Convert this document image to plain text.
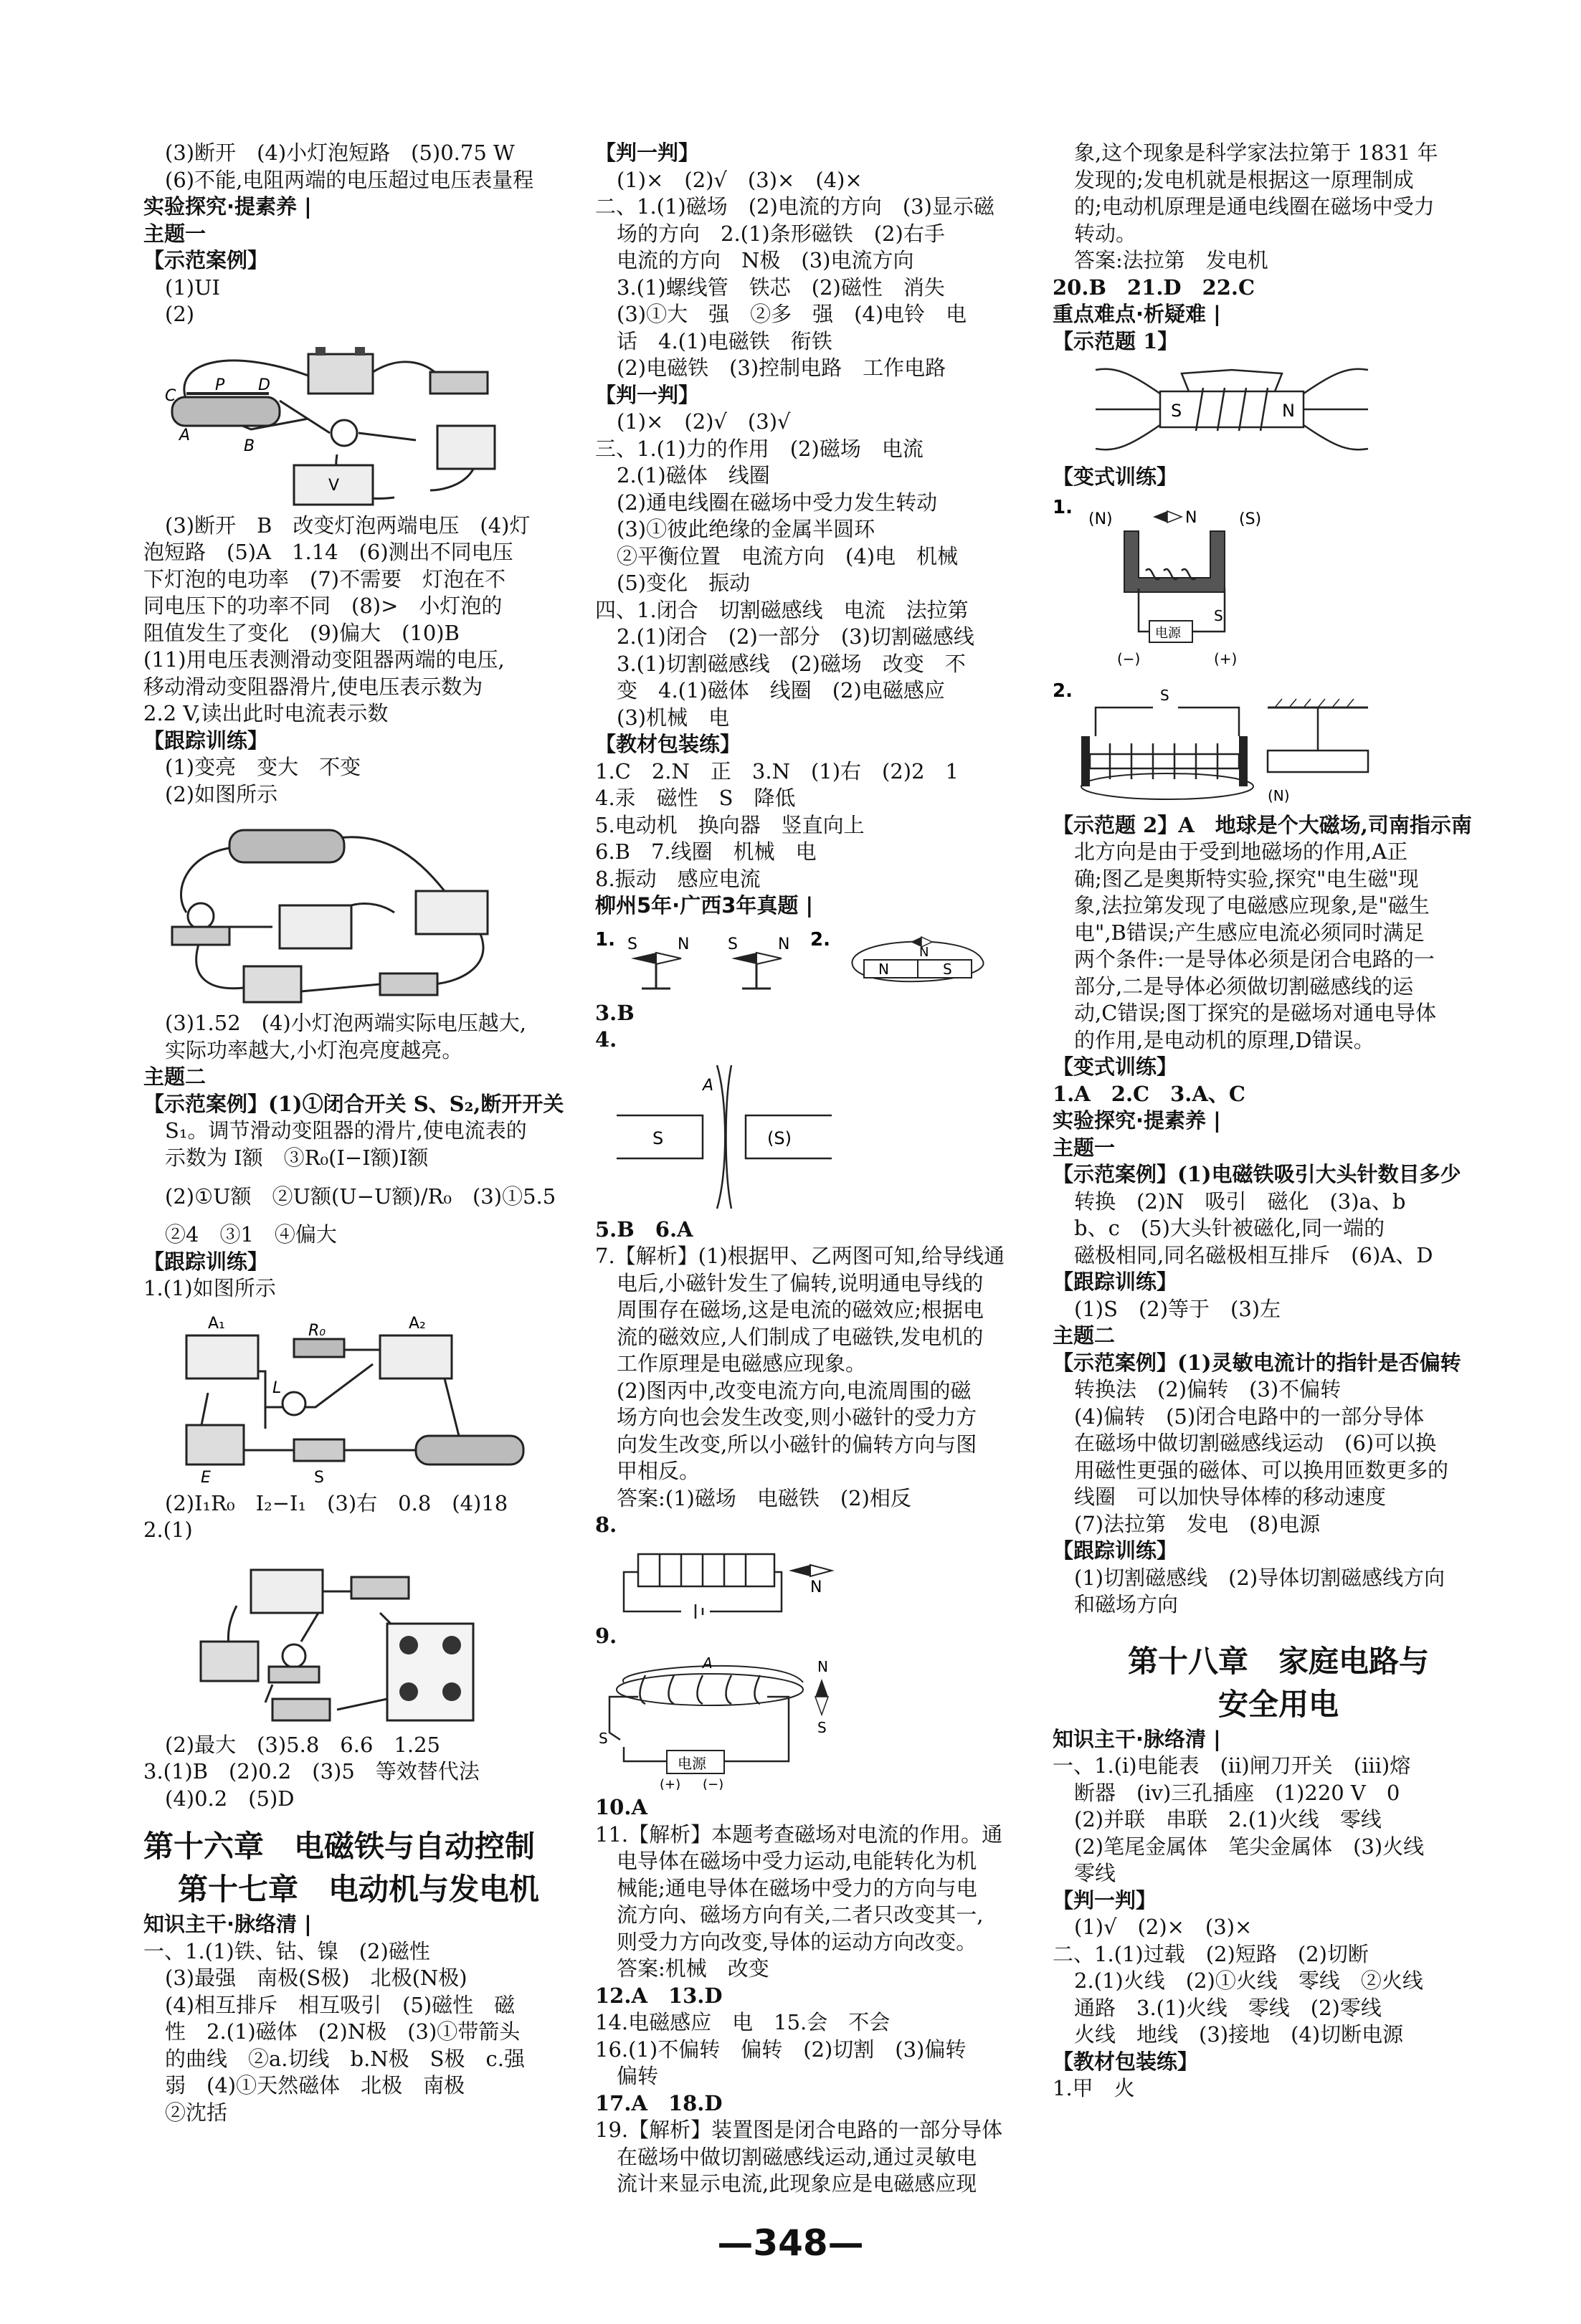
(3)断开　(4)小灯泡短路　(5)0.75 W
(6)不能,电阻两端的电压超过电压表量程
实验探究·提素养 |
主题一
【示范案例】
(1)UI
(2)
C
P D
A
B
V
(3)断开　B　改变灯泡两端电压　(4)灯
泡短路　(5)A　1.14　(6)测出不同电压
下灯泡的电功率　(7)不需要　灯泡在不
同电压下的功率不同　(8)>　小灯泡的
阻值发生了变化　(9)偏大　(10)B
(11)用电压表测滑动变阻器两端的电压,
移动滑动变阻器滑片,使电压表示数为
2.2 V,读出此时电流表示数
【跟踪训练】
(1)变亮　变大　不变
(2)如图所示
(3)1.52　(4)小灯泡两端实际电压越大,
实际功率越大,小灯泡亮度越亮。
主题二
【示范案例】(1)①闭合开关 S、S₂,断开开关
S₁。调节滑动变阻器的滑片,使电流表的
示数为 I额　③R₀(I−I额)I额
(2)①U额　②U额(U−U额)/R₀　(3)①5.5
②4　③1　④偏大
【跟踪训练】
1.(1)如图所示
A₁	A₂
R₀
L
E	S
(2)I₁R₀　I₂−I₁　(3)右　0.8　(4)18
2.(1)
(2)最大　(3)5.8　6.6　1.25
3.(1)B　(2)0.2　(3)5　等效替代法
(4)0.2　(5)D
第十六章　电磁铁与自动控制
第十七章　电动机与发电机
知识主干·脉络清 |
一、1.(1)铁、钴、镍　(2)磁性
(3)最强　南极(S极)　北极(N极)
(4)相互排斥　相互吸引　(5)磁性　磁
性　2.(1)磁体　(2)N极　(3)①带箭头
的曲线　②a.切线　b.N极　S极　c.强
弱　(4)①天然磁体　北极　南极
②沈括
【判一判】
(1)×　(2)√　(3)×　(4)×
二、1.(1)磁场　(2)电流的方向　(3)显示磁
场的方向　2.(1)条形磁铁　(2)右手
电流的方向　N极　(3)电流方向
3.(1)螺线管　铁芯　(2)磁性　消失
(3)①大　强　②多　强　(4)电铃　电
话　4.(1)电磁铁　衔铁
(2)电磁铁　(3)控制电路　工作电路
【判一判】
(1)×　(2)√　(3)√
三、1.(1)力的作用　(2)磁场　电流
2.(1)磁体　线圈
(2)通电线圈在磁场中受力发生转动
(3)①彼此绝缘的金属半圆环
②平衡位置　电流方向　(4)电　机械
(5)变化　振动
四、1.闭合　切割磁感线　电流　法拉第
2.(1)闭合　(2)一部分　(3)切割磁感线
3.(1)切割磁感线　(2)磁场　改变　不
变　4.(1)磁体　线圈　(2)电磁感应
(3)机械　电
【教材包装练】
1.C　2.N　正　3.N　(1)右　(2)2　1
4.汞　磁性　S　降低
5.电动机　换向器　竖直向上
6.B　7.线圈　机械　电
8.振动　感应电流
柳州5年·广西3年真题 |
1. S	N S	N 2.
N	S
N
3.B
4.
S	(S)
A
5.B　6.A
7.【解析】(1)根据甲、乙两图可知,给导线通
电后,小磁针发生了偏转,说明通电导线的
周围存在磁场,这是电流的磁效应;根据电
流的磁效应,人们制成了电磁铁,发电机的
工作原理是电磁感应现象。
(2)图丙中,改变电流方向,电流周围的磁
场方向也会发生改变,则小磁针的受力方
向发生改变,所以小磁针的偏转方向与图
甲相反。
答案:(1)磁场　电磁铁　(2)相反
8.
N
9.
电源
(+) (−)
A
S
N
S
10.A
11.【解析】本题考查磁场对电流的作用。通
电导体在磁场中受力运动,电能转化为机
械能;通电导体在磁场中受力的方向与电
流方向、磁场方向有关,二者只改变其一,
则受力方向改变,导体的运动方向改变。
答案:机械　改变
12.A　13.D
14.电磁感应　电　15.会　不会
16.(1)不偏转　偏转　(2)切割　(3)偏转
偏转
17.A　18.D
19.【解析】装置图是闭合电路的一部分导体
在磁场中做切割磁感线运动,通过灵敏电
流计来显示电流,此现象应是电磁感应现
象,这个现象是科学家法拉第于 1831 年
发现的;发电机就是根据这一原理制成
的;电动机原理是通电线圈在磁场中受力
转动。
答案:法拉第　发电机
20.B　21.D　22.C
重点难点·析疑难 |
【示范题 1】
S	N
【变式训练】
1.
(N)	N	(S)
电源
S
(−)	(+)
2.	S
(N)
【示范题 2】A　地球是个大磁场,司南指示南
北方向是由于受到地磁场的作用,A正
确;图乙是奥斯特实验,探究"电生磁"现
象,法拉第发现了电磁感应现象,是"磁生
电",B错误;产生感应电流必须同时满足
两个条件:一是导体必须是闭合电路的一
部分,二是导体必须做切割磁感线的运
动,C错误;图丁探究的是磁场对通电导体
的作用,是电动机的原理,D错误。
【变式训练】
1.A　2.C　3.A、C
实验探究·提素养 |
主题一
【示范案例】(1)电磁铁吸引大头针数目多少
转换　(2)N　吸引　磁化　(3)a、b
b、c　(5)大头针被磁化,同一端的
磁极相同,同名磁极相互排斥　(6)A、D
【跟踪训练】
(1)S　(2)等于　(3)左
主题二
【示范案例】(1)灵敏电流计的指针是否偏转
转换法　(2)偏转　(3)不偏转
(4)偏转　(5)闭合电路中的一部分导体
在磁场中做切割磁感线运动　(6)可以换
用磁性更强的磁体、可以换用匝数更多的
线圈　可以加快导体棒的移动速度
(7)法拉第　发电　(8)电源
【跟踪训练】
(1)切割磁感线　(2)导体切割磁感线方向
和磁场方向
第十八章　家庭电路与
安全用电
知识主干·脉络清 |
一、1.(ⅰ)电能表　(ⅱ)闸刀开关　(ⅲ)熔
断器　(ⅳ)三孔插座　(1)220 V　0
(2)并联　串联　2.(1)火线　零线
(2)笔尾金属体　笔尖金属体　(3)火线
零线
【判一判】
(1)√　(2)×　(3)×
二、1.(1)过载　(2)短路　(2)切断
2.(1)火线　(2)①火线　零线　②火线
通路　3.(1)火线　零线　(2)零线
火线　地线　(3)接地　(4)切断电源
【教材包装练】
1.甲　火
—348—
